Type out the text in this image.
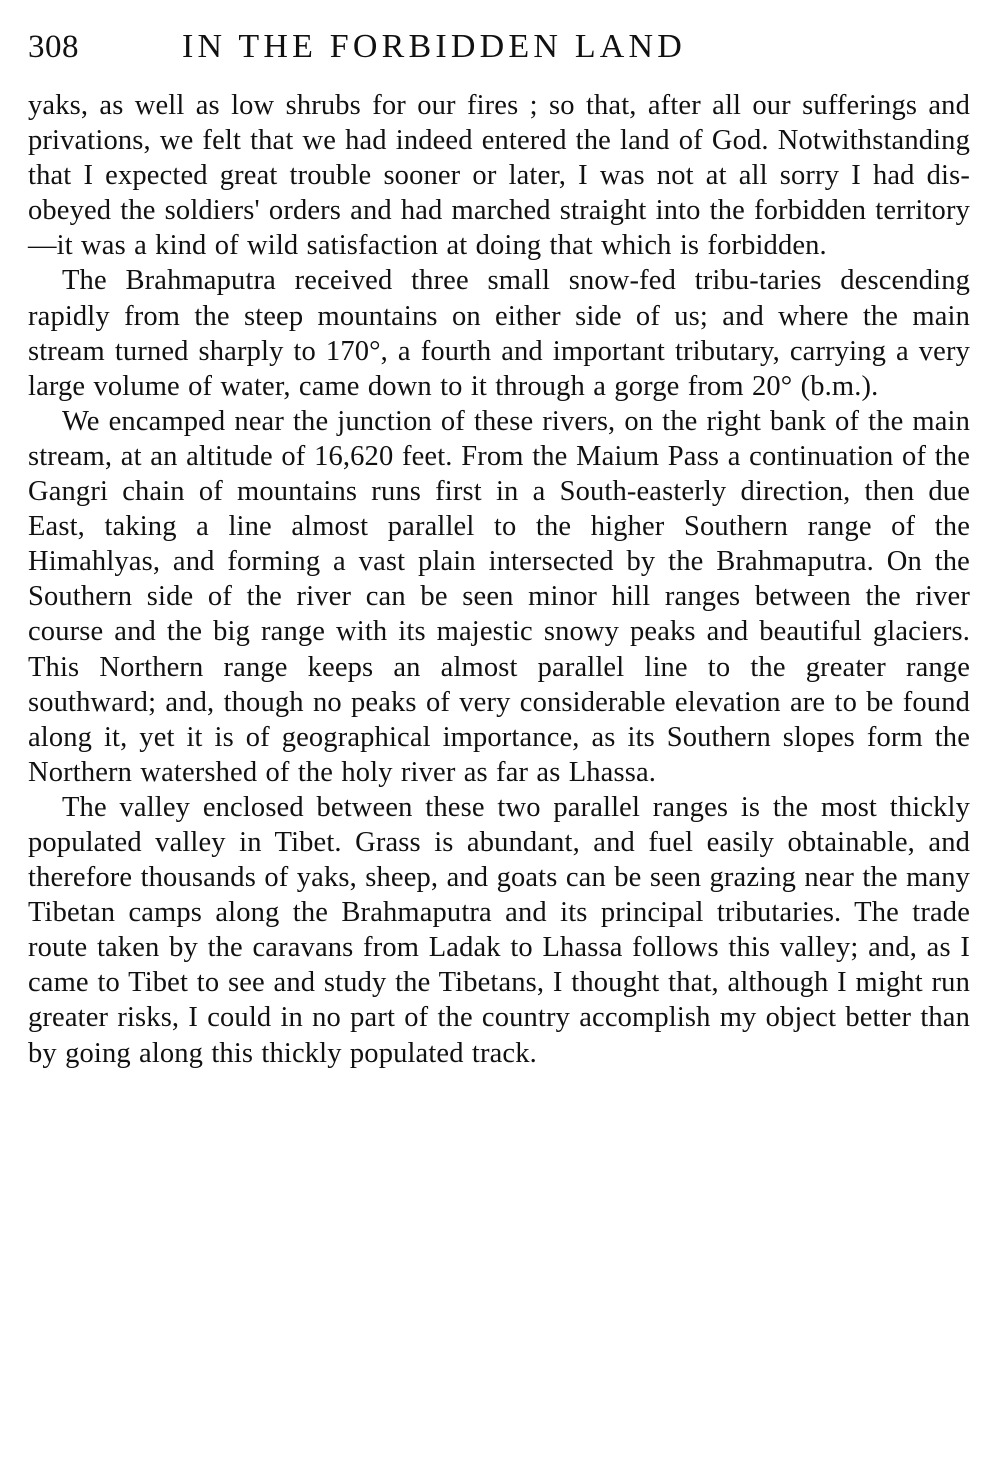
308	IN THE FORBIDDEN LAND

yaks, as well as low shrubs for our fires ; so that, after all our sufferings and privations, we felt that we had indeed entered the land of God. Notwithstanding that I expected great trouble sooner or later, I was not at all sorry I had dis-obeyed the soldiers' orders and had marched straight into the forbidden territory—it was a kind of wild satisfaction at doing that which is forbidden.

The Brahmaputra received three small snow-fed tribu-taries descending rapidly from the steep mountains on either side of us; and where the main stream turned sharply to 170°, a fourth and important tributary, carrying a very large volume of water, came down to it through a gorge from 20° (b.m.).

We encamped near the junction of these rivers, on the right bank of the main stream, at an altitude of 16,620 feet. From the Maium Pass a continuation of the Gangri chain of mountains runs first in a South-easterly direction, then due East, taking a line almost parallel to the higher Southern range of the Himahlyas, and forming a vast plain intersected by the Brahmaputra. On the Southern side of the river can be seen minor hill ranges between the river course and the big range with its majestic snowy peaks and beautiful glaciers. This Northern range keeps an almost parallel line to the greater range southward; and, though no peaks of very considerable elevation are to be found along it, yet it is of geographical importance, as its Southern slopes form the Northern watershed of the holy river as far as Lhassa.

The valley enclosed between these two parallel ranges is the most thickly populated valley in Tibet. Grass is abundant, and fuel easily obtainable, and therefore thousands of yaks, sheep, and goats can be seen grazing near the many Tibetan camps along the Brahmaputra and its principal tributaries. The trade route taken by the caravans from Ladak to Lhassa follows this valley; and, as I came to Tibet to see and study the Tibetans, I thought that, although I might run greater risks, I could in no part of the country accomplish my object better than by going along this thickly populated track.
